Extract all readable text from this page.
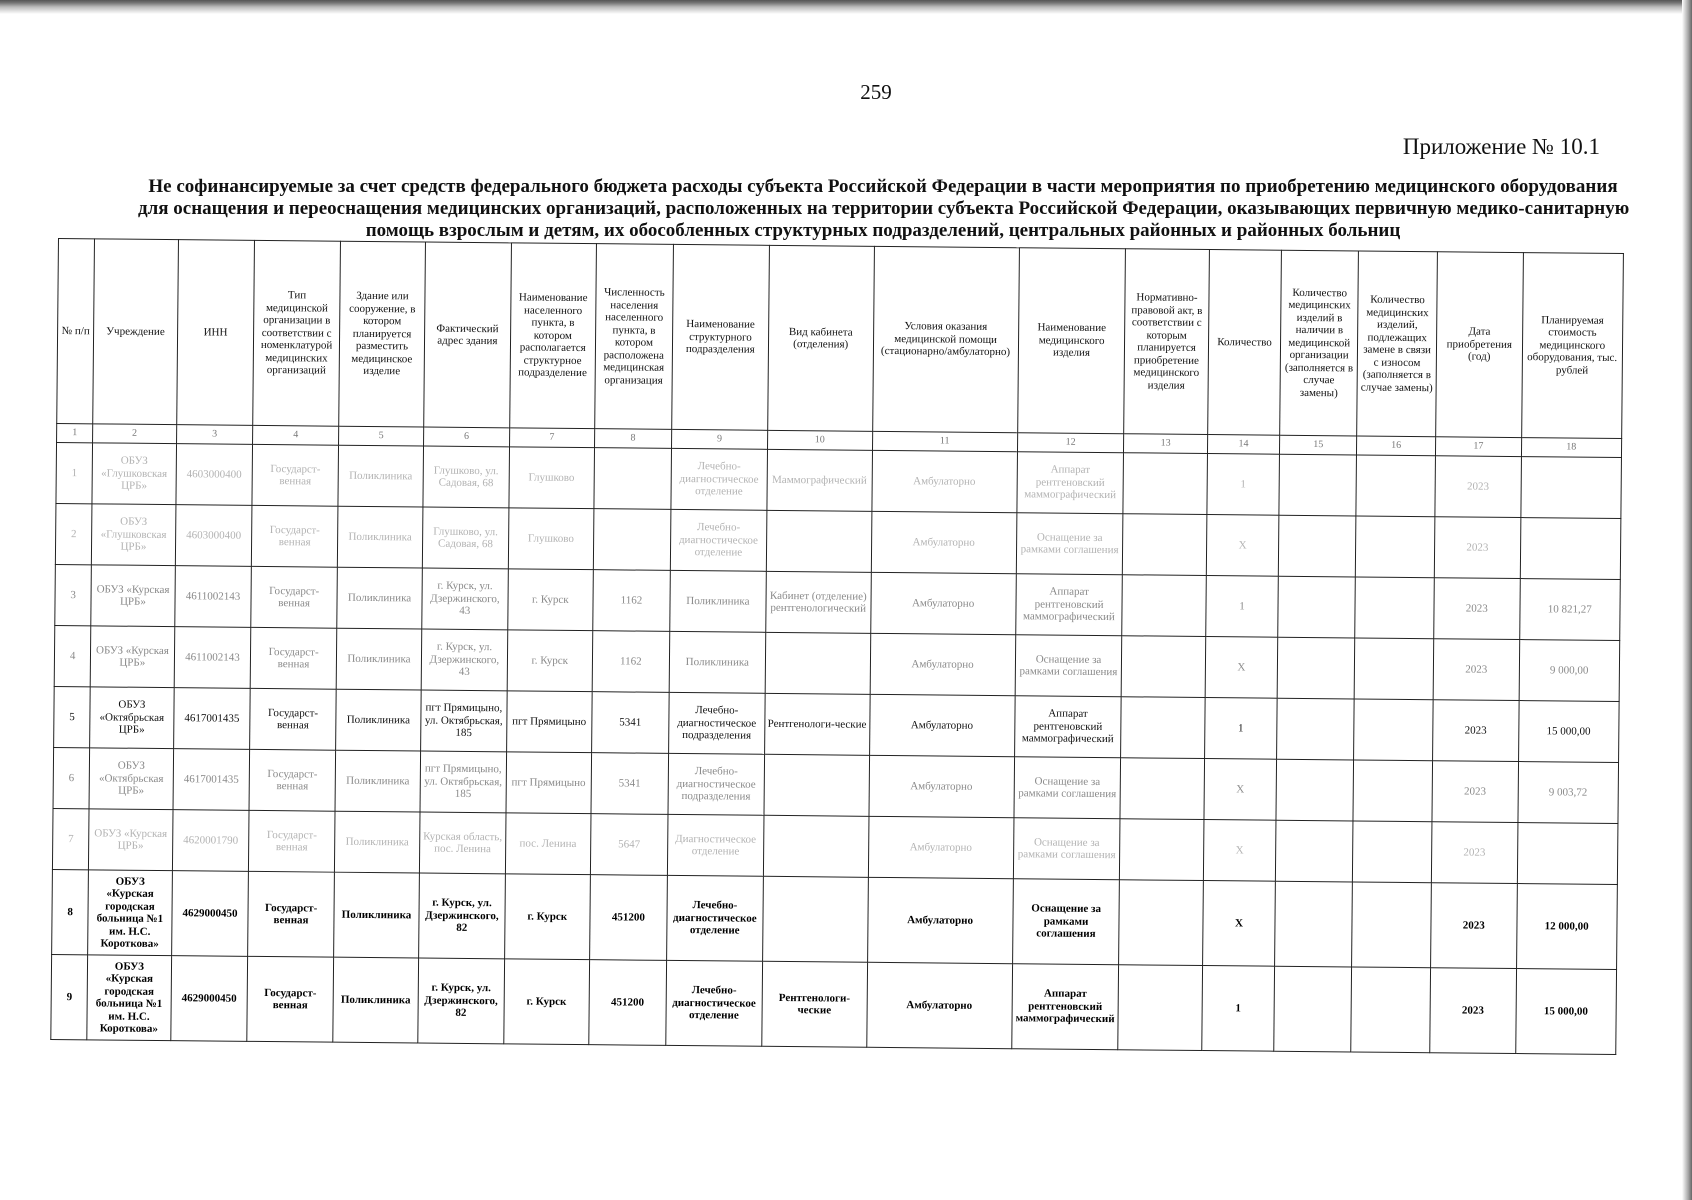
259
Приложение № 10.1
Не софинансируемые за счет средств федерального бюджета расходы субъекта Российской Федерации в части мероприятия по приобретению медицинского оборудования
для оснащения и переоснащения медицинских организаций, расположенных на территории субъекта Российской Федерации, оказывающих первичную медико-санитарную
помощь взрослым и детям, их обособленных структурных подразделений, центральных районных и районных больниц
№ п/п	Учреждение	ИНН	Тип медицинской организации в соответствии с номенклатурой медицинских организаций	Здание или сооружение, в котором планируется разместить медицинское изделие	Фактический адрес здания	Наименование населенного пункта, в котором располагается структурное подразделение	Численность населения населенного пункта, в котором расположена медицинская организация	Наименование структурного подразделения	Вид кабинета (отделения)	Условия оказания медицинской помощи (стационарно/амбулаторно)	Наименование медицинского изделия	Нормативно-правовой акт, в соответствии с которым планируется приобретение медицинского изделия	Количество	Количество медицинских изделий в наличии в медицинской организации (заполняется в случае замены)	Количество медицинских изделий, подлежащих замене в связи с износом (заполняется в случае замены)	Дата приобретения (год)	Планируемая стоимость медицинского оборудования, тыс. рублей
1	2	3	4	5	6	7	8	9	10	11	12	13	14	15	16	17	18
1	ОБУЗ «Глушковская ЦРБ»	4603000400	Государст-венная	Поликлиника	Глушково, ул. Садовая, 68	Глушково		Лечебно-диагностическое отделение	Маммографический	Амбулаторно	Аппарат рентгеновский маммографический		1			2023	
2	ОБУЗ «Глушковская ЦРБ»	4603000400	Государст-венная	Поликлиника	Глушково, ул. Садовая, 68	Глушково		Лечебно-диагностическое отделение		Амбулаторно	Оснащение за рамками соглашения		X			2023	
3	ОБУЗ «Курская ЦРБ»	4611002143	Государст-венная	Поликлиника	г. Курск, ул. Дзержинского, 43	г. Курск	1162	Поликлиника	Кабинет (отделение) рентгенологический	Амбулаторно	Аппарат рентгеновский маммографический		1			2023	10 821,27
4	ОБУЗ «Курская ЦРБ»	4611002143	Государст-венная	Поликлиника	г. Курск, ул. Дзержинского, 43	г. Курск	1162	Поликлиника		Амбулаторно	Оснащение за рамками соглашения		X			2023	9 000,00
5	ОБУЗ «Октябрьская ЦРБ»	4617001435	Государст-венная	Поликлиника	пгт Прямицыно, ул. Октябрьская, 185	пгт Прямицыно	5341	Лечебно-диагностическое подразделения	Рентгенологи-ческие	Амбулаторно	Аппарат рентгеновский маммографический		1			2023	15 000,00
6	ОБУЗ «Октябрьская ЦРБ»	4617001435	Государст-венная	Поликлиника	пгт Прямицыно, ул. Октябрьская, 185	пгт Прямицыно	5341	Лечебно-диагностическое подразделения		Амбулаторно	Оснащение за рамками соглашения		X			2023	9 003,72
7	ОБУЗ «Курская ЦРБ»	4620001790	Государст-венная	Поликлиника	Курская область, пос. Ленина	пос. Ленина	5647	Диагностическое отделение		Амбулаторно	Оснащение за рамками соглашения		X			2023	
8	ОБУЗ «Курская городская больница №1 им. Н.С. Короткова»	4629000450	Государст-венная	Поликлиника	г. Курск, ул. Дзержинского, 82	г. Курск	451200	Лечебно-диагностическое отделение		Амбулаторно	Оснащение за рамками соглашения		X			2023	12 000,00
9	ОБУЗ «Курская городская больница №1 им. Н.С. Короткова»	4629000450	Государст-венная	Поликлиника	г. Курск, ул. Дзержинского, 82	г. Курск	451200	Лечебно-диагностическое отделение	Рентгенологи-ческие	Амбулаторно	Аппарат рентгеновский маммографический		1			2023	15 000,00
